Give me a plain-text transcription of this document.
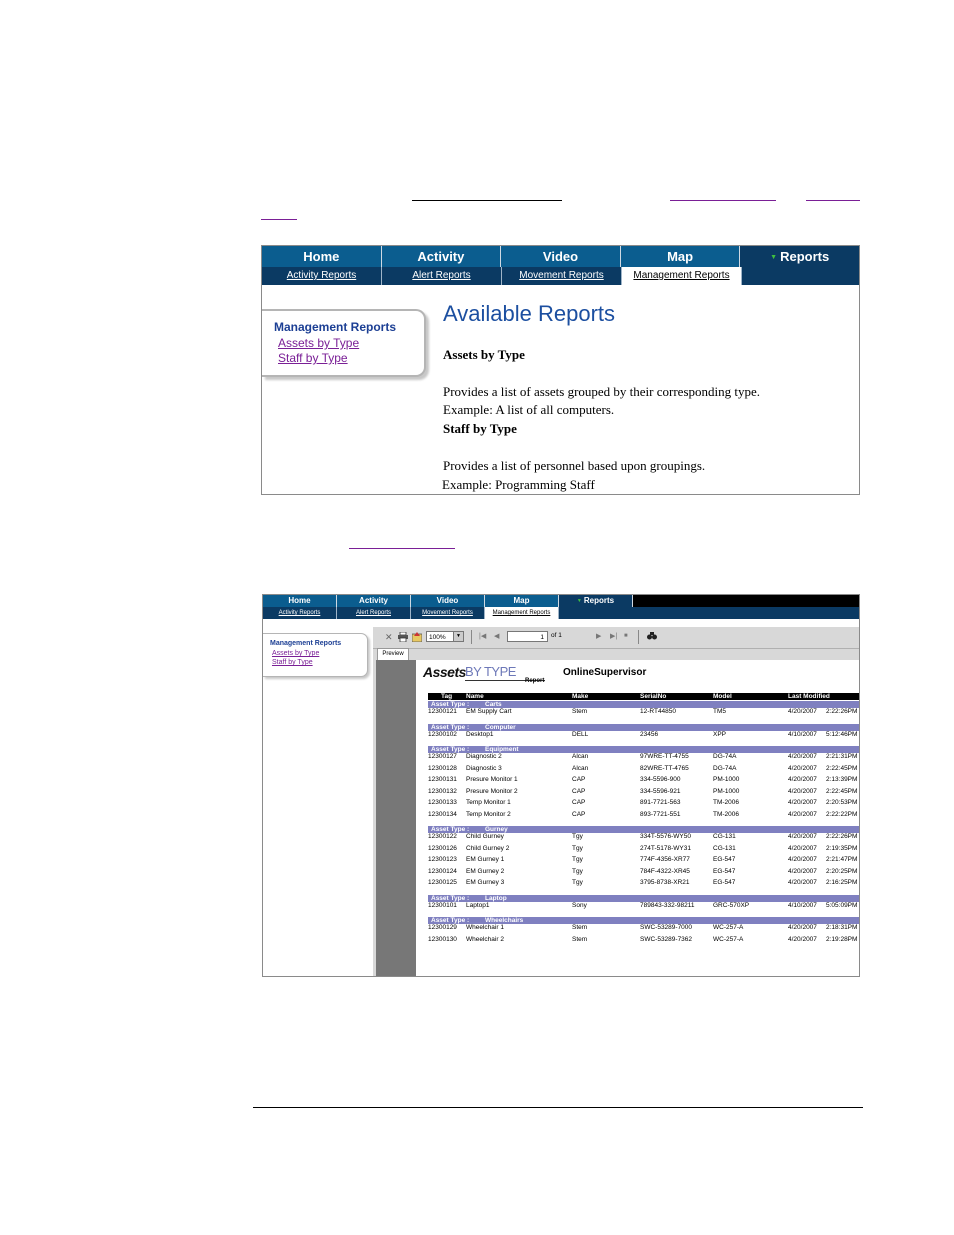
Home	Activity	Video	Map	▼ Reports
Activity Reports	Alert Reports	Movement Reports	Management Reports
Management Reports
Assets by Type
Staff by Type
Available Reports
Assets by Type
Provides a list of assets grouped by their corresponding type.
Example: A list of all computers.
Staff by Type
Provides a list of personnel based upon groupings.
Example: Programming Staff
Home	Activity	Video	Map	▼ Reports
Activity Reports	Alert Reports	Movement Reports	Management Reports
Management Reports
Assets by Type
Staff by Type
✕	100%	▼	|◀ ◀	1	of 1	▶ ▶| ■
Preview
Assets BY TYPE
Report
OnlineSupervisor
Tag Name	Make	SerialNo	Model	Last Modified
Asset Type : Carts
12300121 EM Supply Cart	Stem	12-RT44850	TM5	4/20/2007 2:22:26PM
Asset Type : Computer
12300102 Desktop1	DELL	23456	XPP	4/10/2007 5:12:46PM
Asset Type : Equipment
12300127 Diagnostic 2	Alcan	97WRE-TT-4755	DG-74A	4/20/2007 2:21:31PM
12300128 Diagnostic 3	Alcan	82WRE-TT-4765	DG-74A	4/20/2007 2:22:45PM
12300131 Presure Monitor 1	CAP	334-5596-900	PM-1000	4/20/2007 2:13:39PM
12300132 Presure Monitor 2	CAP	334-5596-921	PM-1000	4/20/2007 2:22:45PM
12300133 Temp Monitor 1	CAP	891-7721-563	TM-2006	4/20/2007 2:20:53PM
12300134 Temp Monitor 2	CAP	893-7721-551	TM-2006	4/20/2007 2:22:22PM
Asset Type : Gurney
12300122 Child Gurney	Tgy	334T-5576-WY50	CG-131	4/20/2007 2:22:26PM
12300126 Child Gurney 2	Tgy	274T-5178-WY31	CG-131	4/20/2007 2:19:35PM
12300123 EM Gurney 1	Tgy	774F-4356-XR77	EG-547	4/20/2007 2:21:47PM
12300124 EM Gurney 2	Tgy	784F-4322-XR45	EG-547	4/20/2007 2:20:25PM
12300125 EM Gurney 3	Tgy	3795-8738-XR21	EG-547	4/20/2007 2:16:25PM
Asset Type : Laptop
12300101 Laptop1	Sony	789843-332-98211	GRC-570XP	4/10/2007 5:05:09PM
Asset Type : Wheelchairs
12300129 Wheelchair 1	Stem	SWC-53289-7000	WC-257-A	4/20/2007 2:18:31PM
12300130 Wheelchair 2	Stem	SWC-53289-7362	WC-257-A	4/20/2007 2:19:28PM
